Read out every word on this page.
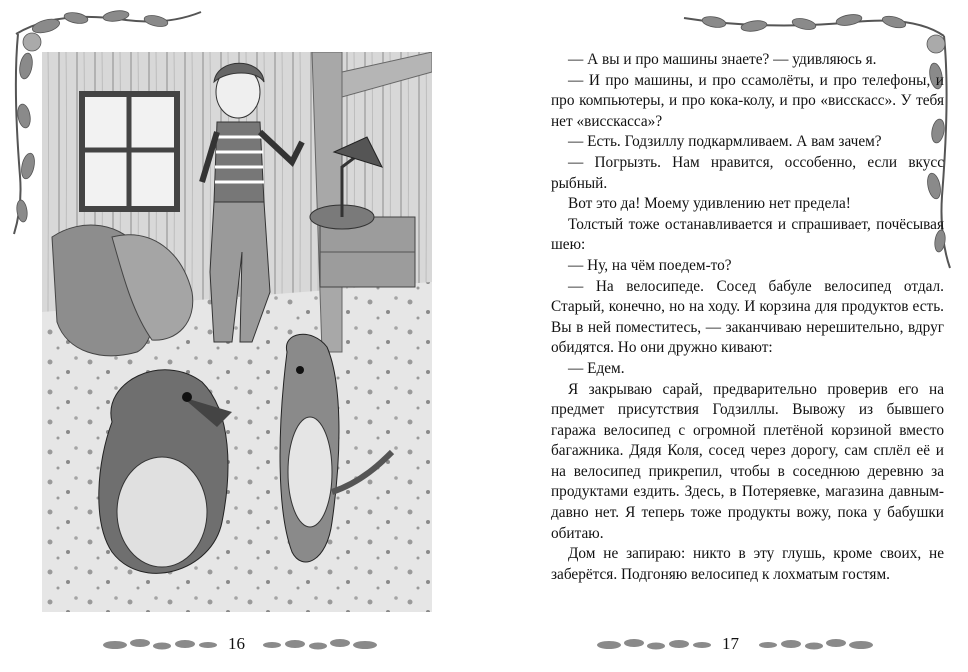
16

— А вы и про машины знаете? — удивляюсь я.

— И про машины, и про ссамолёты, и про телефоны, и про компьютеры, и про кока-колу, и про «висскасс». У тебя нет «висскасса»?

— Есть. Годзиллу подкармливаем. А вам зачем?

— Погрызть. Нам нравится, оссобенно, если вкусс рыбный.

Вот это да! Моему удивлению нет предела!

Толстый тоже останавливается и спрашивает, почёсывая шею:

— Ну, на чём поедем-то?

— На велосипеде. Сосед бабуле велосипед отдал. Старый, конечно, но на ходу. И корзина для продуктов есть. Вы в ней поместитесь, — заканчиваю нерешительно, вдруг обидятся. Но они дружно кивают:

— Едем.

Я закрываю сарай, предварительно проверив его на предмет присутствия Годзиллы. Вывожу из бывшего гаража велосипед с огромной плетёной корзиной вместо багажника. Дядя Коля, сосед через дорогу, сам сплёл её и на велосипед прикрепил, чтобы в соседнюю деревню за продуктами ездить. Здесь, в Потеряевке, магазина давным-давно нет. Я теперь тоже продукты вожу, пока у бабушки обитаю.

Дом не запираю: никто в эту глушь, кроме своих, не заберётся. Подгоняю велосипед к лохматым гостям.

17
